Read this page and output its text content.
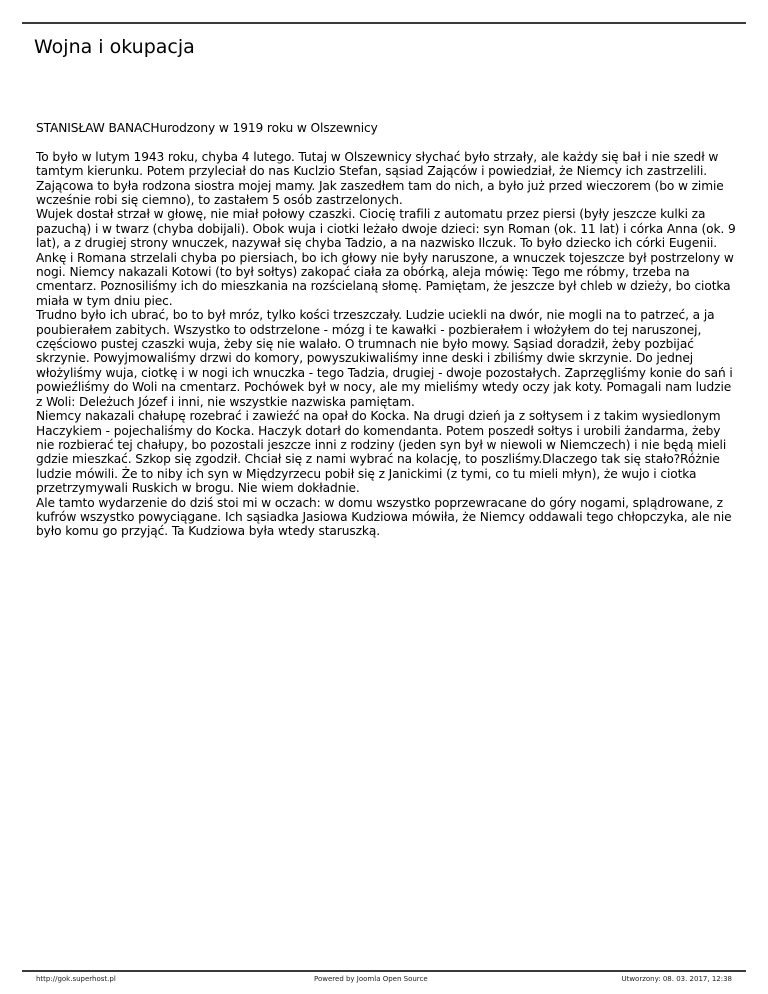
Wojna i okupacja

STANISŁAW BANACHurodzony w 1919 roku w Olszewnicy

To było w lutym 1943 roku, chyba 4 lutego. Tutaj w Olszewnicy słychać było strzały, ale każdy się bał i nie szedł w tamtym kierunku. Potem przyleciał do nas Kuclzio Stefan, sąsiad Zająców i powiedział, że Niemcy ich zastrzelili. Zającowa to była rodzona siostra mojej mamy. Jak zaszedłem tam do nich, a było już przed wieczorem (bo w zimie wcześnie robi się ciemno), to zastałem 5 osób zastrzelonych.

Wujek dostał strzał w głowę, nie miał połowy czaszki. Ciocię trafili z automatu przez piersi (były jeszcze kulki za pazuchą) i w twarz (chyba dobijali). Obok wuja i ciotki leżało dwoje dzieci: syn Roman (ok. 11 lat) i córka Anna (ok. 9 lat), a z drugiej strony wnuczek, nazywał się chyba Tadzio, a na nazwisko Ilczuk. To było dziecko ich córki Eugenii. Ankę i Romana strzelali chyba po piersiach, bo ich głowy nie były naruszone, a wnuczek tojeszcze był postrzelony w nogi. Niemcy nakazali Kotowi (to był sołtys) zakopać ciała za obórką, aleja mówię: Tego me róbmy, trzeba na cmentarz. Poznosiliśmy ich do mieszkania na rozścielaną słomę. Pamiętam, że jeszcze był chleb w dzieży, bo ciotka miała w tym dniu piec.

Trudno było ich ubrać, bo to był mróz, tylko kości trzeszczały. Ludzie uciekli na dwór, nie mogli na to patrzeć, a ja poubierałem zabitych. Wszystko to odstrzelone - mózg i te kawałki - pozbierałem i włożyłem do tej naruszonej, częściowo pustej czaszki wuja, żeby się nie walało. O trumnach nie było mowy. Sąsiad doradził, żeby pozbijać skrzynie. Powyjmowaliśmy drzwi do komory, powyszukiwaliśmy inne deski i zbiliśmy dwie skrzynie. Do jednej włożyliśmy wuja, ciotkę i w nogi ich wnuczka - tego Tadzia, drugiej - dwoje pozostałych. Zaprzęgliśmy konie do sań i powieźliśmy do Woli na cmentarz. Pochówek był w nocy, ale my mieliśmy wtedy oczy jak koty. Pomagali nam ludzie z Woli: Deleżuch Józef i inni, nie wszystkie nazwiska pamiętam.

Niemcy nakazali chałupę rozebrać i zawieźć na opał do Kocka. Na drugi dzień ja z sołtysem i z takim wysiedlonym Haczykiem - pojechaliśmy do Kocka. Haczyk dotarł do komendanta. Potem poszedł sołtys i urobili żandarma, żeby nie rozbierać tej chałupy, bo pozostali jeszcze inni z rodziny (jeden syn był w niewoli w Niemczech) i nie będą mieli gdzie mieszkać. Szkop się zgodził. Chciał się z nami wybrać na kolację, to poszliśmy.Dlaczego tak się stało?Różnie ludzie mówili. Że to niby ich syn w Międzyrzecu pobił się z Janickimi (z tymi, co tu mieli młyn), że wujo i ciotka przetrzymywali Ruskich w brogu. Nie wiem dokładnie.

Ale tamto wydarzenie do dziś stoi mi w oczach: w domu wszystko poprzewracane do góry nogami, splądrowane, z kufrów wszystko powyciągane. Ich sąsiadka Jasiowa Kudziowa mówiła, że Niemcy oddawali tego chłopczyka, ale nie było komu go przyjąć. Ta Kudziowa była wtedy staruszką.

http://gok.superhost.pl	Powered by Joomla Open Source	Utworzony: 08. 03. 2017, 12:38
